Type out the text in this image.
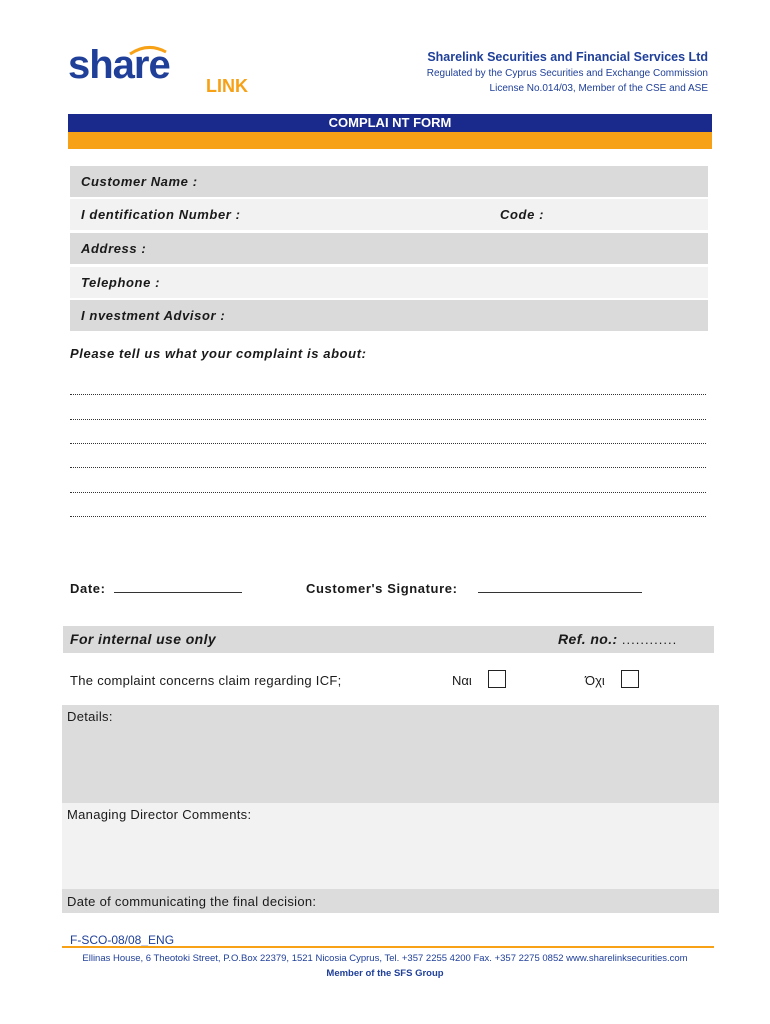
share LINK
Sharelink Securities and Financial Services Ltd
Regulated by the Cyprus Securities and Exchange Commission
License No.014/03, Member of the CSE and ASE
COMPLAI NT FORM
Customer Name :
I dentification Number :	Code :
Address :
Telephone :
I nvestment Advisor :
Please tell us what your complaint is about:
Date:	Customer's Signature:
For internal use only	Ref. no.: ............
The complaint concerns claim regarding ICF;	Ναι	Όχι
Details:
Managing Director Comments:
Date of communicating the final decision:
F-SCO-08/08_ENG
Ellinas House, 6 Theotoki Street, P.O.Box 22379, 1521 Nicosia Cyprus, Tel. +357 2255 4200 Fax. +357 2275 0852 www.sharelinksecurities.com
Member of the SFS Group
